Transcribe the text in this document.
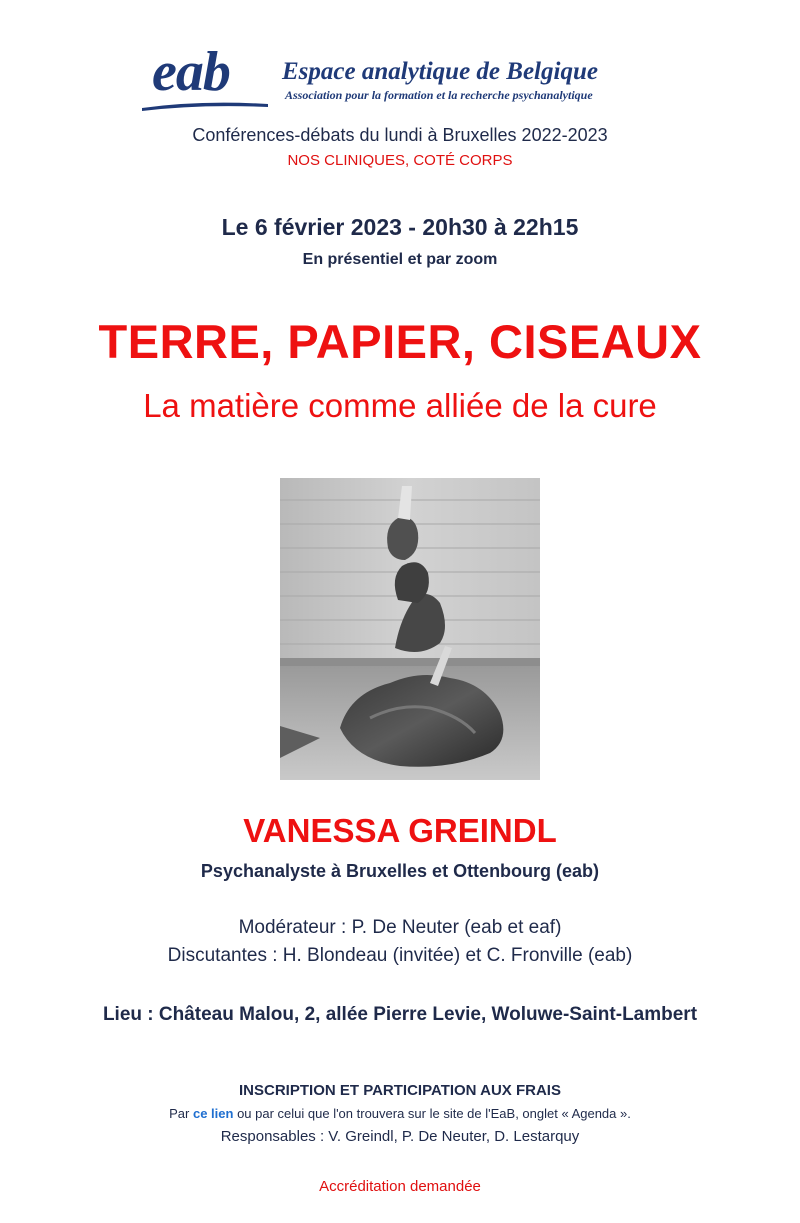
eab Espace analytique de Belgique
Association pour la formation et la recherche psychanalytique
Conférences-débats du lundi à Bruxelles 2022-2023
NOS CLINIQUES, COTÉ CORPS
Le 6 février 2023 - 20h30 à 22h15
En présentiel et par zoom
TERRE, PAPIER, CISEAUX
La matière comme alliée de la cure
VANESSA GREINDL
Psychanalyste à Bruxelles et Ottenbourg (eab)
Modérateur : P. De Neuter (eab et eaf)
Discutantes : H. Blondeau (invitée) et C. Fronville (eab)
Lieu : Château Malou, 2, allée Pierre Levie, Woluwe-Saint-Lambert
INSCRIPTION ET PARTICIPATION AUX FRAIS
Par ce lien ou par celui que l'on trouvera sur le site de l'EaB, onglet « Agenda ».
Responsables : V. Greindl, P. De Neuter, D. Lestarquy
Accréditation demandée
